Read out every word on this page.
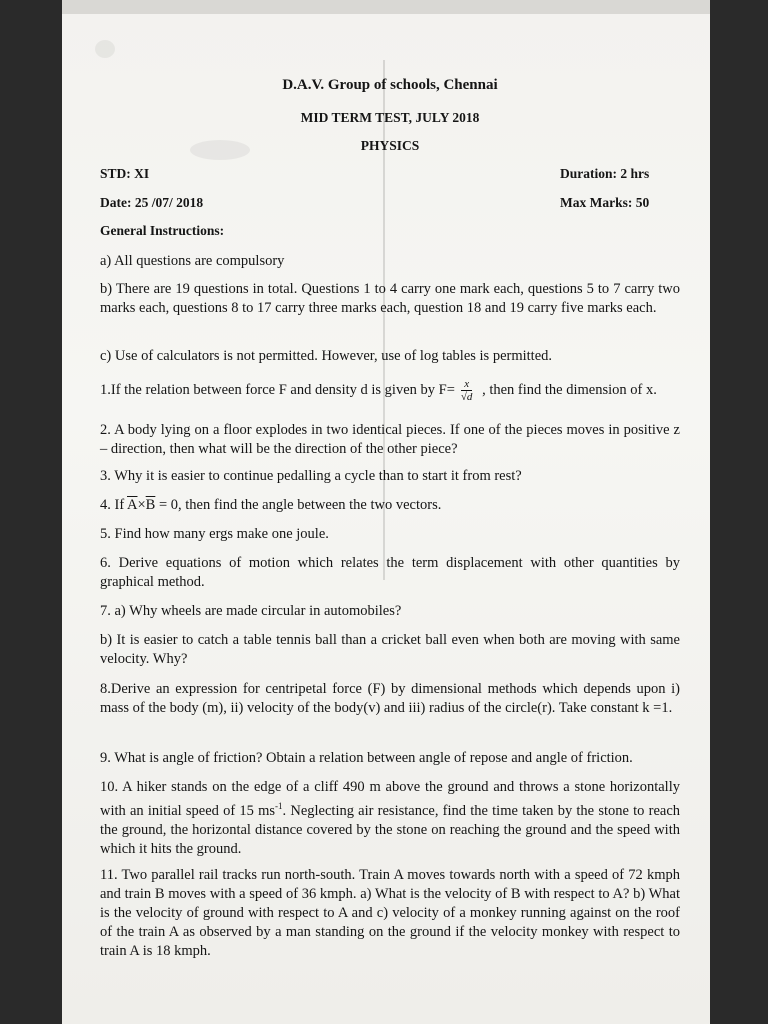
D.A.V. Group of schools, Chennai
MID TERM TEST, JULY 2018
PHYSICS
STD: XI	Duration: 2 hrs
Date: 25 /07/ 2018	Max Marks: 50
General Instructions:
a) All questions are compulsory
b) There are 19 questions in total. Questions 1 to 4 carry one mark each, questions 5 to 7 carry two marks each, questions 8 to 17 carry three marks each, question 18 and 19 carry five marks each.
c) Use of calculators is not permitted. However, use of log tables is permitted.
1.If the relation between force F and density d is given by $F= \frac{x}{√d}$ , then find the dimension of x.
2. A body lying on a floor explodes in two identical pieces. If one of the pieces moves in positive z – direction, then what will be the direction of the other piece?
3. Why it is easier to continue pedalling a cycle than to start it from rest?
4. If $\overline{A}\times\overline{B} = 0$, then find the angle between the two vectors.
5. Find how many ergs make one joule.
6. Derive equations of motion which relates the term displacement with other quantities by graphical method.
7. a) Why wheels are made circular in automobiles?
b) It is easier to catch a table tennis ball than a cricket ball even when both are moving with same velocity. Why?
8.Derive an expression for centripetal force (F) by dimensional methods which depends upon i) mass of the body (m), ii) velocity of the body(v) and iii) radius of the circle(r). Take constant k =1.
9. What is angle of friction? Obtain a relation between angle of repose and angle of friction.
10. A hiker stands on the edge of a cliff 490 m above the ground and throws a stone horizontally with an initial speed of 15 $ms^{-1}$. Neglecting air resistance, find the time taken by the stone to reach the ground, the horizontal distance covered by the stone on reaching the ground and the speed with which it hits the ground.
11. Two parallel rail tracks run north-south. Train A moves towards north with a speed of 72 kmph and train B moves with a speed of 36 kmph. a) What is the velocity of B with respect to A? b) What is the velocity of ground with respect to A and c) velocity of a monkey running against on the roof of the train A as observed by a man standing on the ground if the velocity monkey with respect to train A is 18 kmph.
